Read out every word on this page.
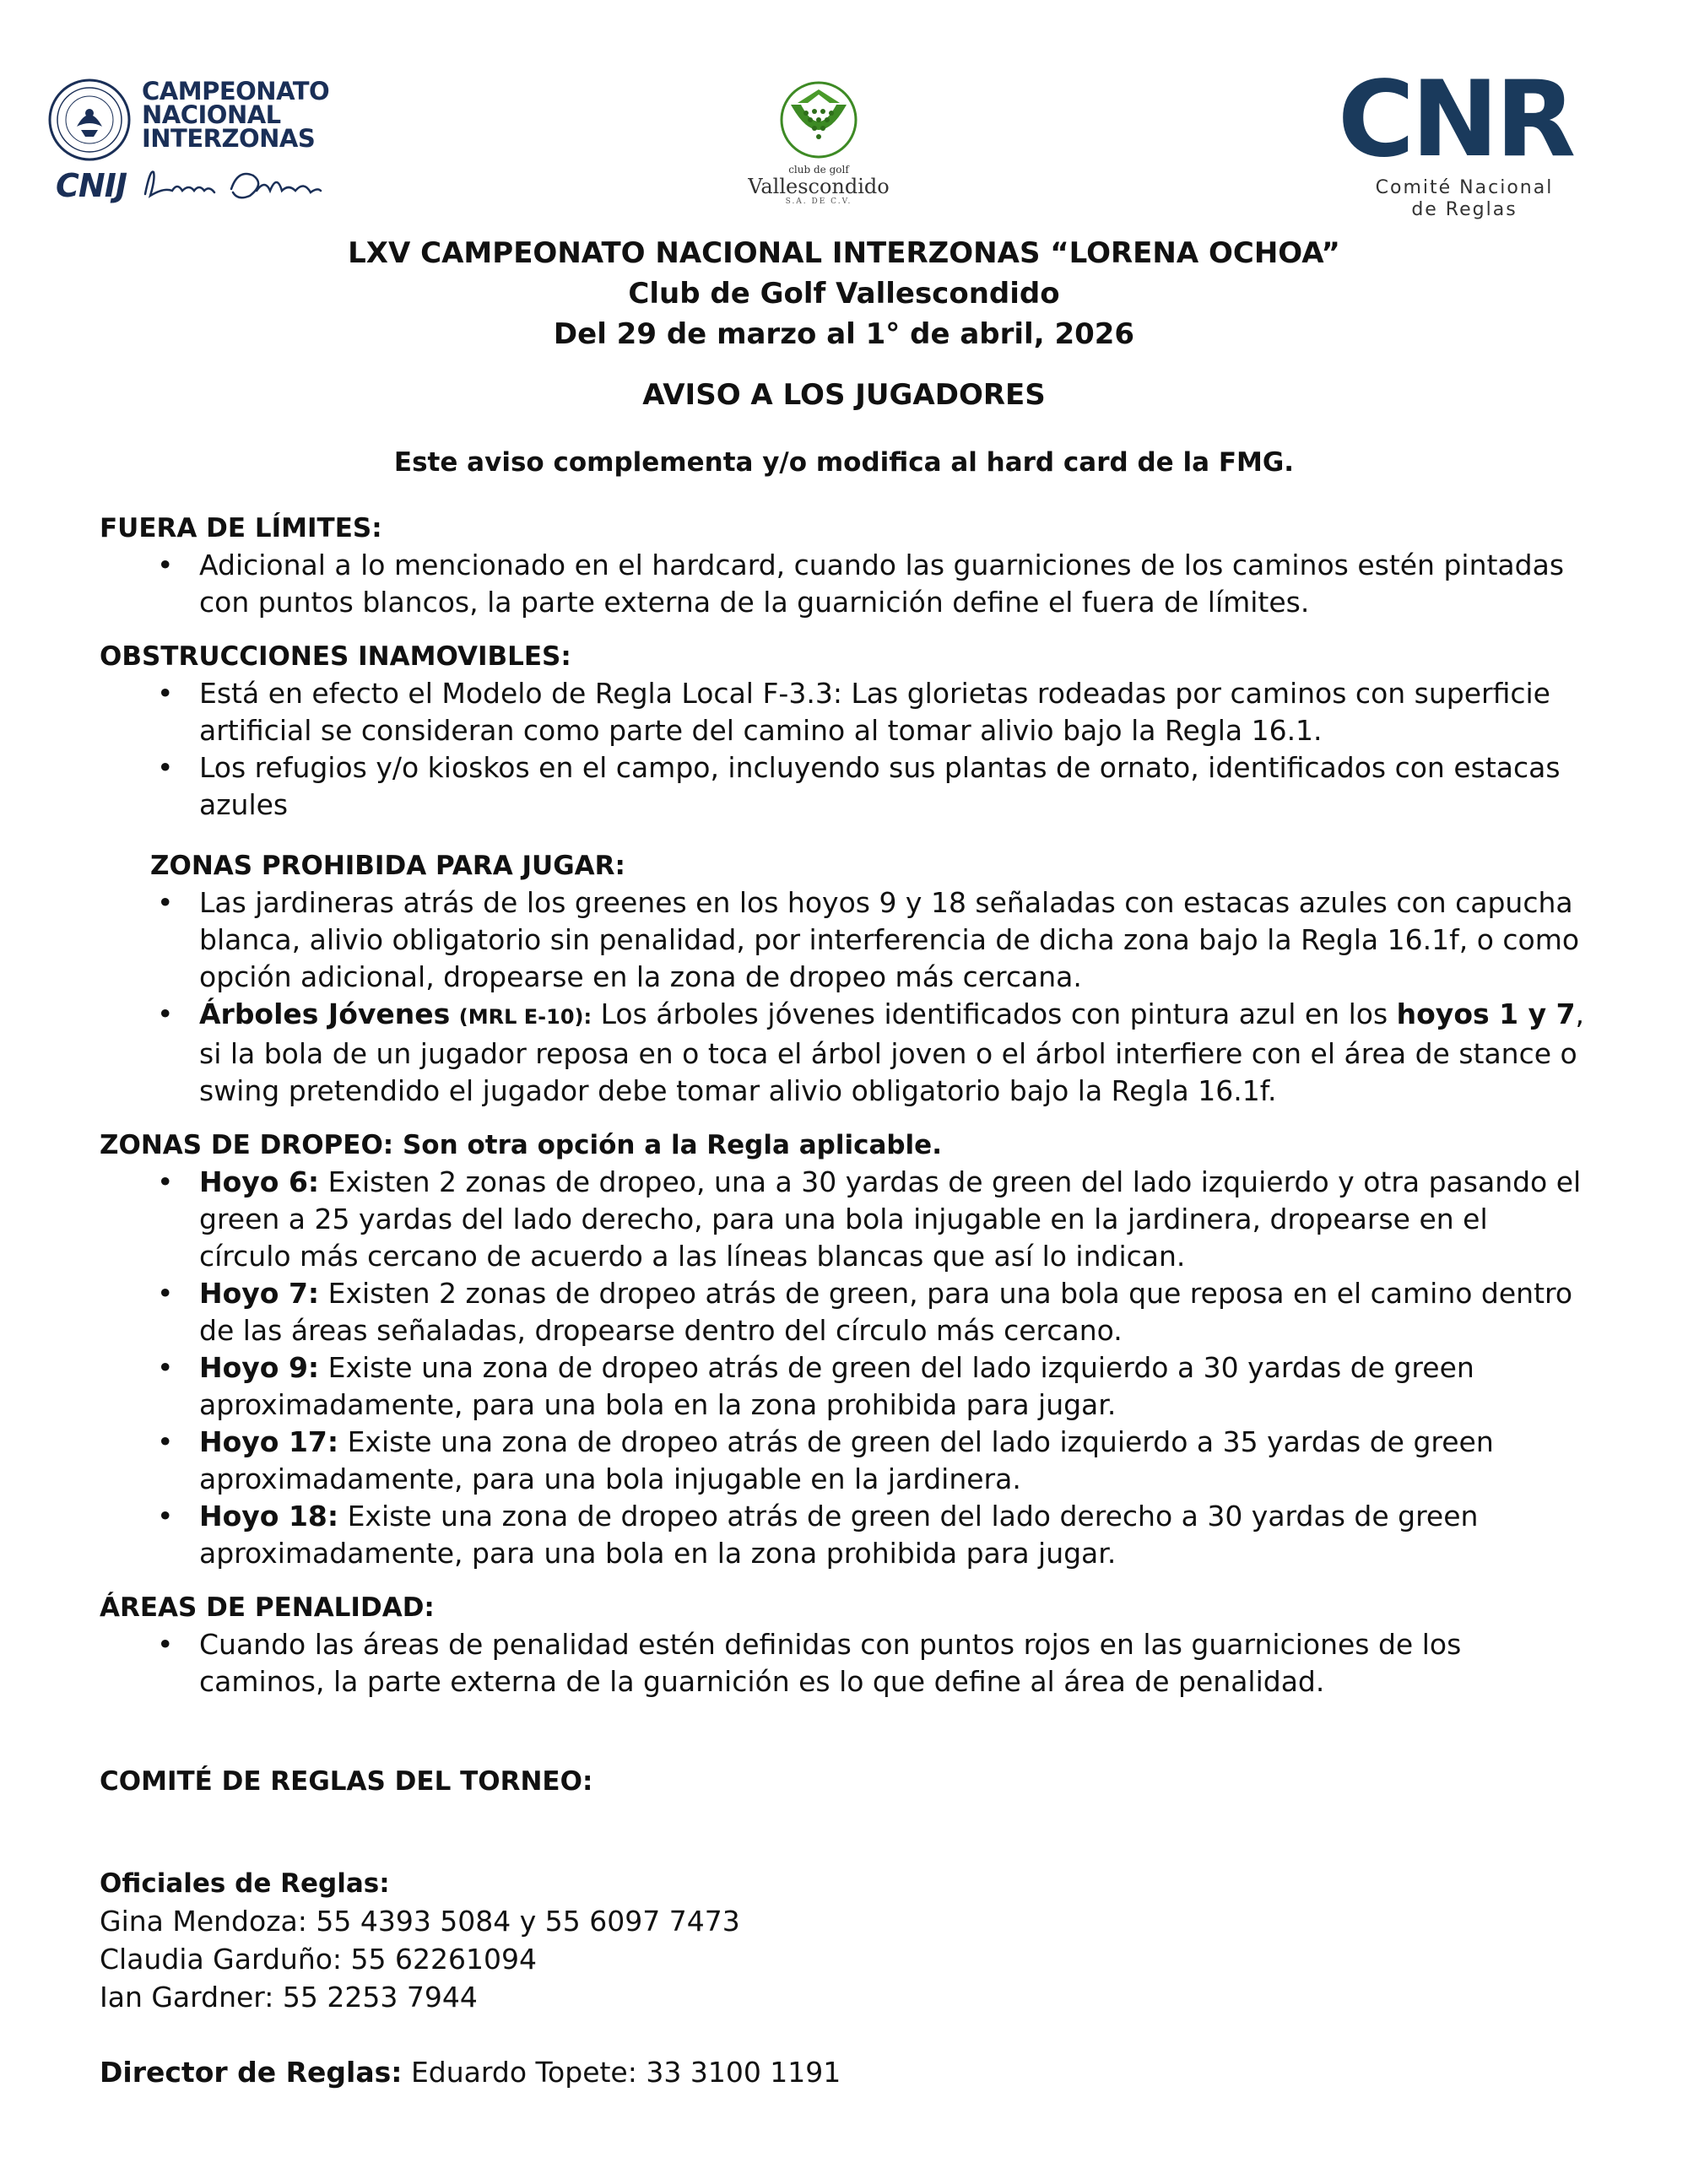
CAMPEONATO
NACIONAL
INTERZONAS
CNIJ	club de golf
Vallescondido
S.A. DE C.V.
CNR
Comité Nacional
de Reglas
LXV CAMPEONATO NACIONAL INTERZONAS “LORENA OCHOA”
Club de Golf Vallescondido
Del 29 de marzo al 1° de abril, 2026
AVISO A LOS JUGADORES
Este aviso complementa y/o modifica al hard card de la FMG.

FUERA DE LÍMITES:

• Adicional a lo mencionado en el hardcard, cuando las guarniciones de los caminos estén pintadas con puntos blancos, la parte externa de la guarnición define el fuera de límites.

OBSTRUCCIONES INAMOVIBLES:

• Está en efecto el Modelo de Regla Local F-3.3: Las glorietas rodeadas por caminos con superficie artificial se consideran como parte del camino al tomar alivio bajo la Regla 16.1.
• Los refugios y/o kioskos en el campo, incluyendo sus plantas de ornato, identificados con estacas azules

ZONAS PROHIBIDA PARA JUGAR:

• Las jardineras atrás de los greenes en los hoyos 9 y 18 señaladas con estacas azules con capucha blanca, alivio obligatorio sin penalidad, por interferencia de dicha zona bajo la Regla 16.1f, o como opción adicional, dropearse en la zona de dropeo más cercana.
• Árboles Jóvenes (MRL E-10): Los árboles jóvenes identificados con pintura azul en los hoyos 1 y 7, si la bola de un jugador reposa en o toca el árbol joven o el árbol interfiere con el área de stance o swing pretendido el jugador debe tomar alivio obligatorio bajo la Regla 16.1f.

ZONAS DE DROPEO: Son otra opción a la Regla aplicable.

• Hoyo 6: Existen 2 zonas de dropeo, una a 30 yardas de green del lado izquierdo y otra pasando el green a 25 yardas del lado derecho, para una bola injugable en la jardinera, dropearse en el círculo más cercano de acuerdo a las líneas blancas que así lo indican.
• Hoyo 7: Existen 2 zonas de dropeo atrás de green, para una bola que reposa en el camino dentro de las áreas señaladas, dropearse dentro del círculo más cercano.
• Hoyo 9: Existe una zona de dropeo atrás de green del lado izquierdo a 30 yardas de green aproximadamente, para una bola en la zona prohibida para jugar.
• Hoyo 17: Existe una zona de dropeo atrás de green del lado izquierdo a 35 yardas de green aproximadamente, para una bola injugable en la jardinera.
• Hoyo 18: Existe una zona de dropeo atrás de green del lado derecho a 30 yardas de green aproximadamente, para una bola en la zona prohibida para jugar.

ÁREAS DE PENALIDAD:

• Cuando las áreas de penalidad estén definidas con puntos rojos en las guarniciones de los caminos, la parte externa de la guarnición es lo que define al área de penalidad.

COMITÉ DE REGLAS DEL TORNEO:

Oficiales de Reglas:
Gina Mendoza: 55 4393 5084 y 55 6097 7473
Claudia Garduño: 55 62261094
Ian Gardner: 55 2253 7944
Director de Reglas: Eduardo Topete: 33 3100 1191
